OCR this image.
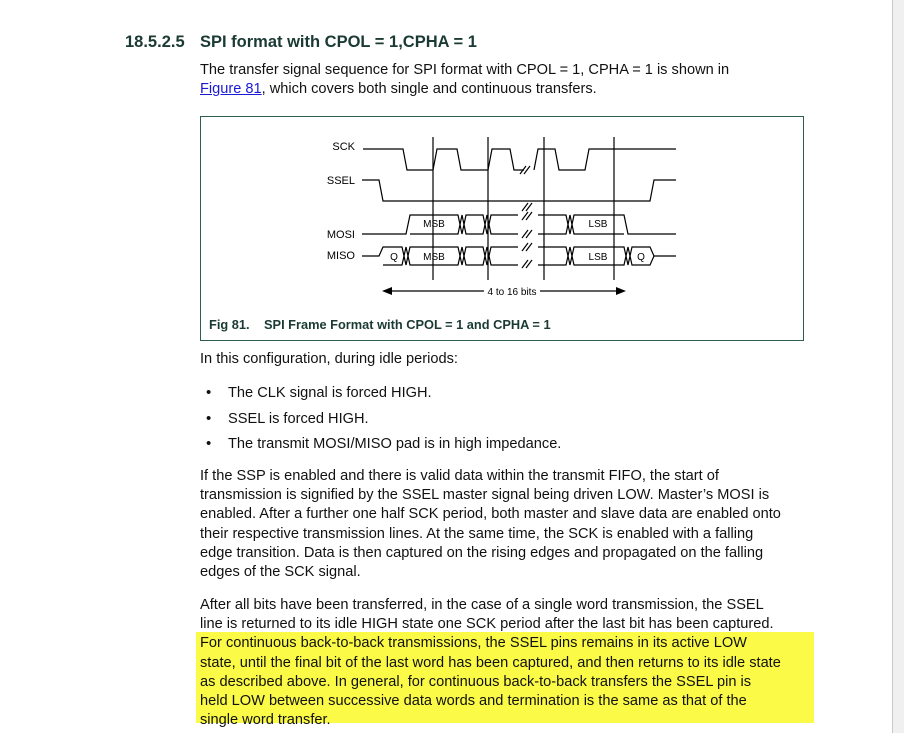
18.5.2.5 SPI format with CPOL = 1,CPHA = 1

The transfer signal sequence for SPI format with CPOL = 1, CPHA = 1 is shown in
Figure 81, which covers both single and continuous transfers.

SCK
SSEL
MOSI
MISO
MSB	LSB
Q	MSB	LSB	Q
4 to 16 bits
Fig 81. SPI Frame Format with CPOL = 1 and CPHA = 1

In this configuration, during idle periods:

• The CLK signal is forced HIGH.
• SSEL is forced HIGH.
• The transmit MOSI/MISO pad is in high impedance.

If the SSP is enabled and there is valid data within the transmit FIFO, the start of
transmission is signified by the SSEL master signal being driven LOW. Master’s MOSI is
enabled. After a further one half SCK period, both master and slave data are enabled onto
their respective transmission lines. At the same time, the SCK is enabled with a falling
edge transition. Data is then captured on the rising edges and propagated on the falling
edges of the SCK signal.

After all bits have been transferred, in the case of a single word transmission, the SSEL
line is returned to its idle HIGH state one SCK period after the last bit has been captured.
For continuous back-to-back transmissions, the SSEL pins remains in its active LOW
state, until the final bit of the last word has been captured, and then returns to its idle state
as described above. In general, for continuous back-to-back transfers the SSEL pin is
held LOW between successive data words and termination is the same as that of the
single word transfer.
